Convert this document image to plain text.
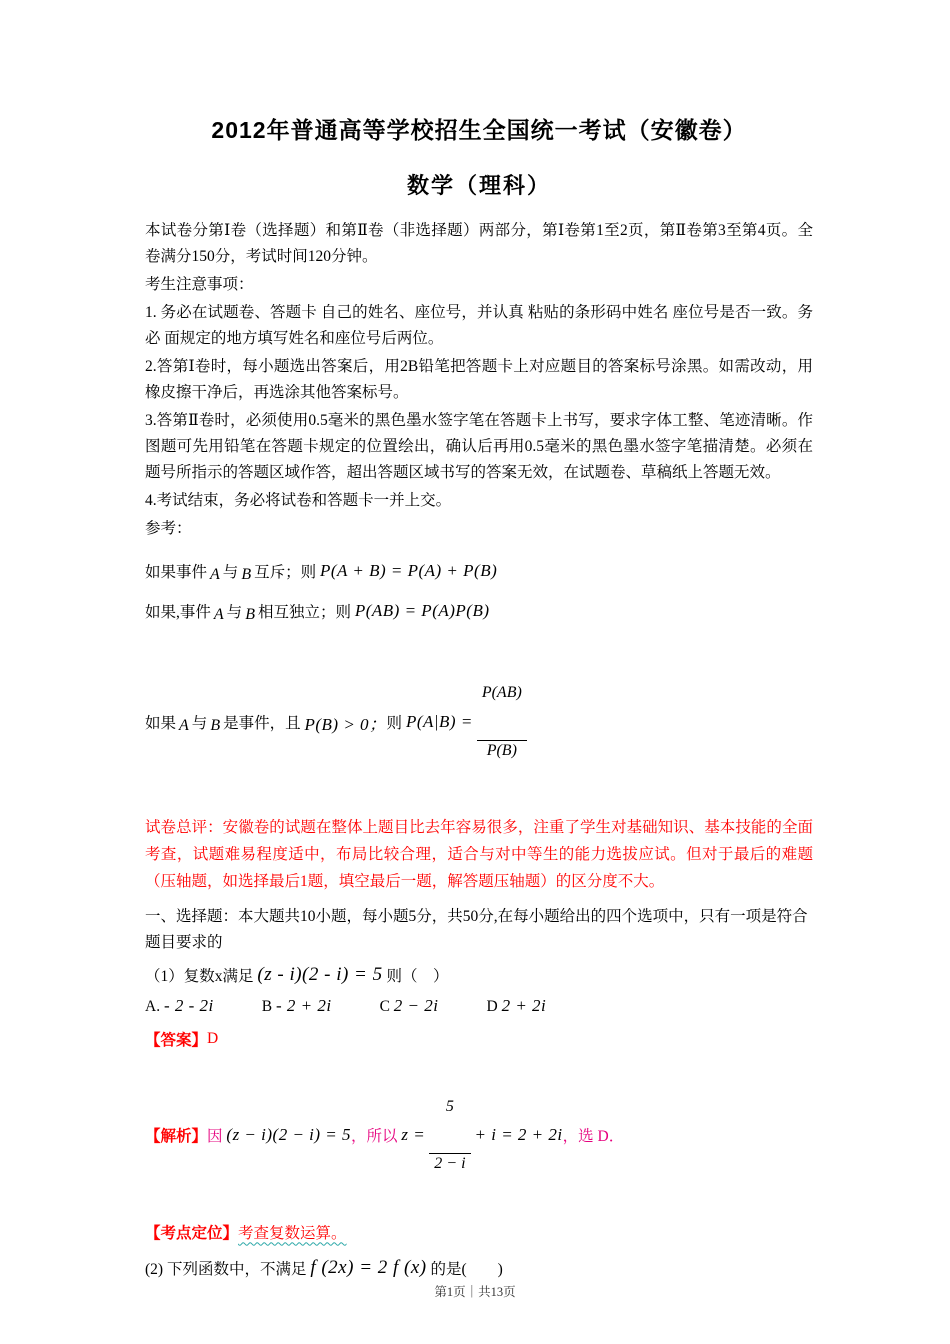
2012年普通高等学校招生全国统一考试（安徽卷）
数学（理科）

本试卷分第Ⅰ卷（选择题）和第Ⅱ卷（非选择题）两部分，第Ⅰ卷第1至2页，第Ⅱ卷第3至第4页。全卷满分150分，考试时间120分钟。

考生注意事项：

1. 务必在试题卷、答题卡 自己的姓名、座位号，并认真 粘贴的条形码中姓名 座位号是否一致。务必 面规定的地方填写姓名和座位号后两位。

2.答第Ⅰ卷时，每小题选出答案后，用2B铅笔把答题卡上对应题目的答案标号涂黑。如需改动，用橡皮擦干净后，再选涂其他答案标号。

3.答第Ⅱ卷时，必须使用0.5毫米的黑色墨水签字笔在答题卡上书写，要求字体工整、笔迹清晰。作图题可先用铅笔在答题卡规定的位置绘出，确认后再用0.5毫米的黑色墨水签字笔描清楚。必须在题号所指示的答题区域作答，超出答题区域书写的答案无效，在试题卷、草稿纸上答题无效。

4.考试结束，务必将试卷和答题卡一并上交。

参考：

如果事件 A 与 B 互斥；则 P(A + B) = P(A) + P(B)
如果,事件 A 与 B 相互独立；则 P(AB) = P(A)P(B)
如果 A 与 B 是事件，且 P(B) > 0； 则 P(A|B) =

$\frac{P(AB)}{P(B)}$

试卷总评：安徽卷的试题在整体上题目比去年容易很多，注重了学生对基础知识、基本技能的全面考查，试题难易程度适中，布局比较合理，适合与对中等生的能力选拔应试。但对于最后的难题（压轴题，如选择最后1题，填空最后一题，解答题压轴题）的区分度不大。

一、选择题：本大题共10小题，每小题5分，共50分,在每小题给出的四个选项中，只有一项是符合题目要求的

（1）复数x满足 (z - i)(2 - i) = 5 则（    ）
A. - 2 - 2i	B - 2 + 2i	C 2 − 2i	D 2 + 2i
【答案】 D
【解析】 因 (z − i)(2 − i) = 5 ，所以 z =

$\frac{5}{2 - i}$

+ i = 2 + 2i ，选 D．
【考点定位】 考查复数运算。
(2) 下列函数中，不满足 f (2x) = 2 f (x) 的是(　　)
第1页｜共13页
